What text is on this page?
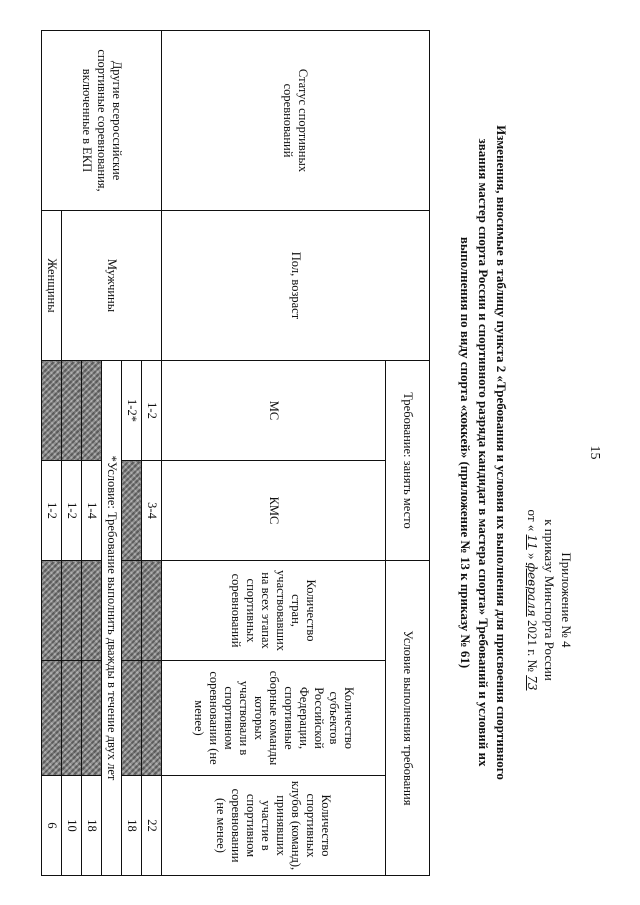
15
Приложение № 4
к приказу Минспорта России
от « 11 » февраля 2021 г. № 73
Изменения, вносимые в таблицу пункта 2 «Требования и условия их выполнения для присвоения спортивного
звания мастер спорта России и спортивного разряда кандидат в мастера спорта» Требований и условий их
выполнения по виду спорта «хоккей» (приложение № 13 к приказу № 61)
Статус спортивных соревнований	Пол, возраст	Требование: занять место		Условие выполнения требования		
		МС	КМС	Количество стран, участвовавших на всех этапах спортивных соревнований	Количество субъектов Российской Федерации, спортивные сборные команды которых участвовали в спортивном соревновании (не менее)	Количество спортивных клубов (команд), принявших участие в спортивном соревновании (не менее)
Другие всероссийские спортивные соревнования, включенные в ЕКП	Мужчины	1-2	3-4			22
		1-2*				18
		*Условие: Требование выполнить дважды в течение двух лет				
			1-4			18
			1-2			10
	Женщины		1-2			6
